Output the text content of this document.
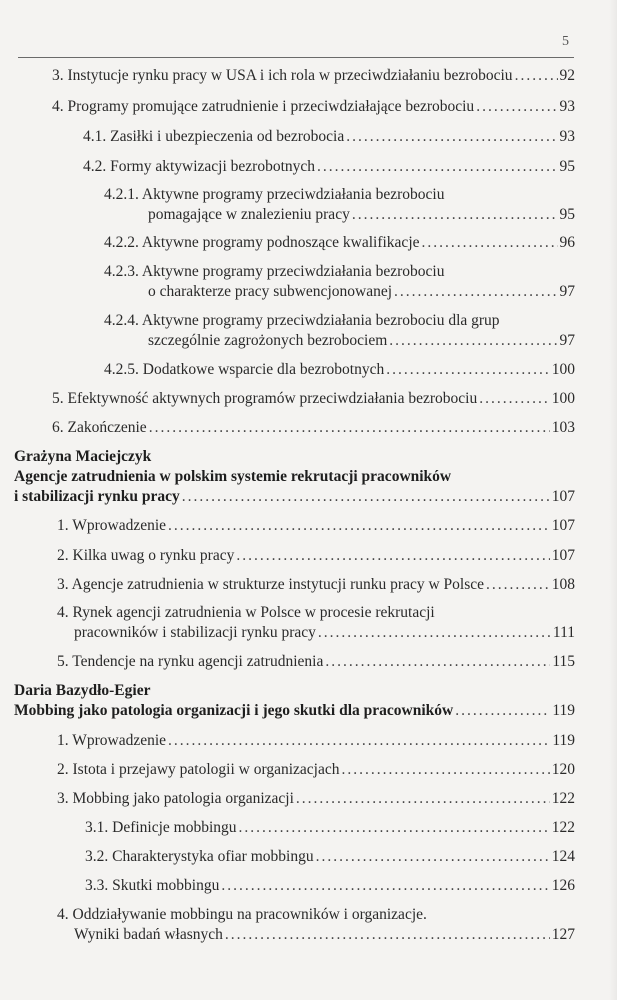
5
3. Instytucje rynku pracy w USA i ich rola w przeciwdziałaniu bezrobociu .....	92
4. Programy promujące zatrudnienie i przeciwdziałające bezrobociu .....	93
4.1. Zasiłki i ubezpieczenia od bezrobocia .....	93
4.2. Formy aktywizacji bezrobotnych .....	95
4.2.1. Aktywne programy przeciwdziałania bezrobociu
pomagające w znalezieniu pracy .....	95
4.2.2. Aktywne programy podnoszące kwalifikacje .....	96
4.2.3. Aktywne programy przeciwdziałania bezrobociu
o charakterze pracy subwencjonowanej .....	97
4.2.4. Aktywne programy przeciwdziałania bezrobociu dla grup
szczególnie zagrożonych bezrobociem .....	97
4.2.5. Dodatkowe wsparcie dla bezrobotnych .....	100
5. Efektywność aktywnych programów przeciwdziałania bezrobociu .....	100
6. Zakończenie .....	103
Grażyna Maciejczyk
Agencje zatrudnienia w polskim systemie rekrutacji pracowników
i stabilizacji rynku pracy .....	107
1. Wprowadzenie .....	107
2. Kilka uwag o rynku pracy .....	107
3. Agencje zatrudnienia w strukturze instytucji runku pracy w Polsce .....	108
4. Rynek agencji zatrudnienia w Polsce w procesie rekrutacji
pracowników i stabilizacji rynku pracy .....	111
5. Tendencje na rynku agencji zatrudnienia .....	115
Daria Bazydło-Egier
Mobbing jako patologia organizacji i jego skutki dla pracowników .....	119
1. Wprowadzenie .....	119
2. Istota i przejawy patologii w organizacjach .....	120
3. Mobbing jako patologia organizacji .....	122
3.1. Definicje mobbingu .....	122
3.2. Charakterystyka ofiar mobbingu .....	124
3.3. Skutki mobbingu .....	126
4. Oddziaływanie mobbingu na pracowników i organizacje.
Wyniki badań własnych .....	127
